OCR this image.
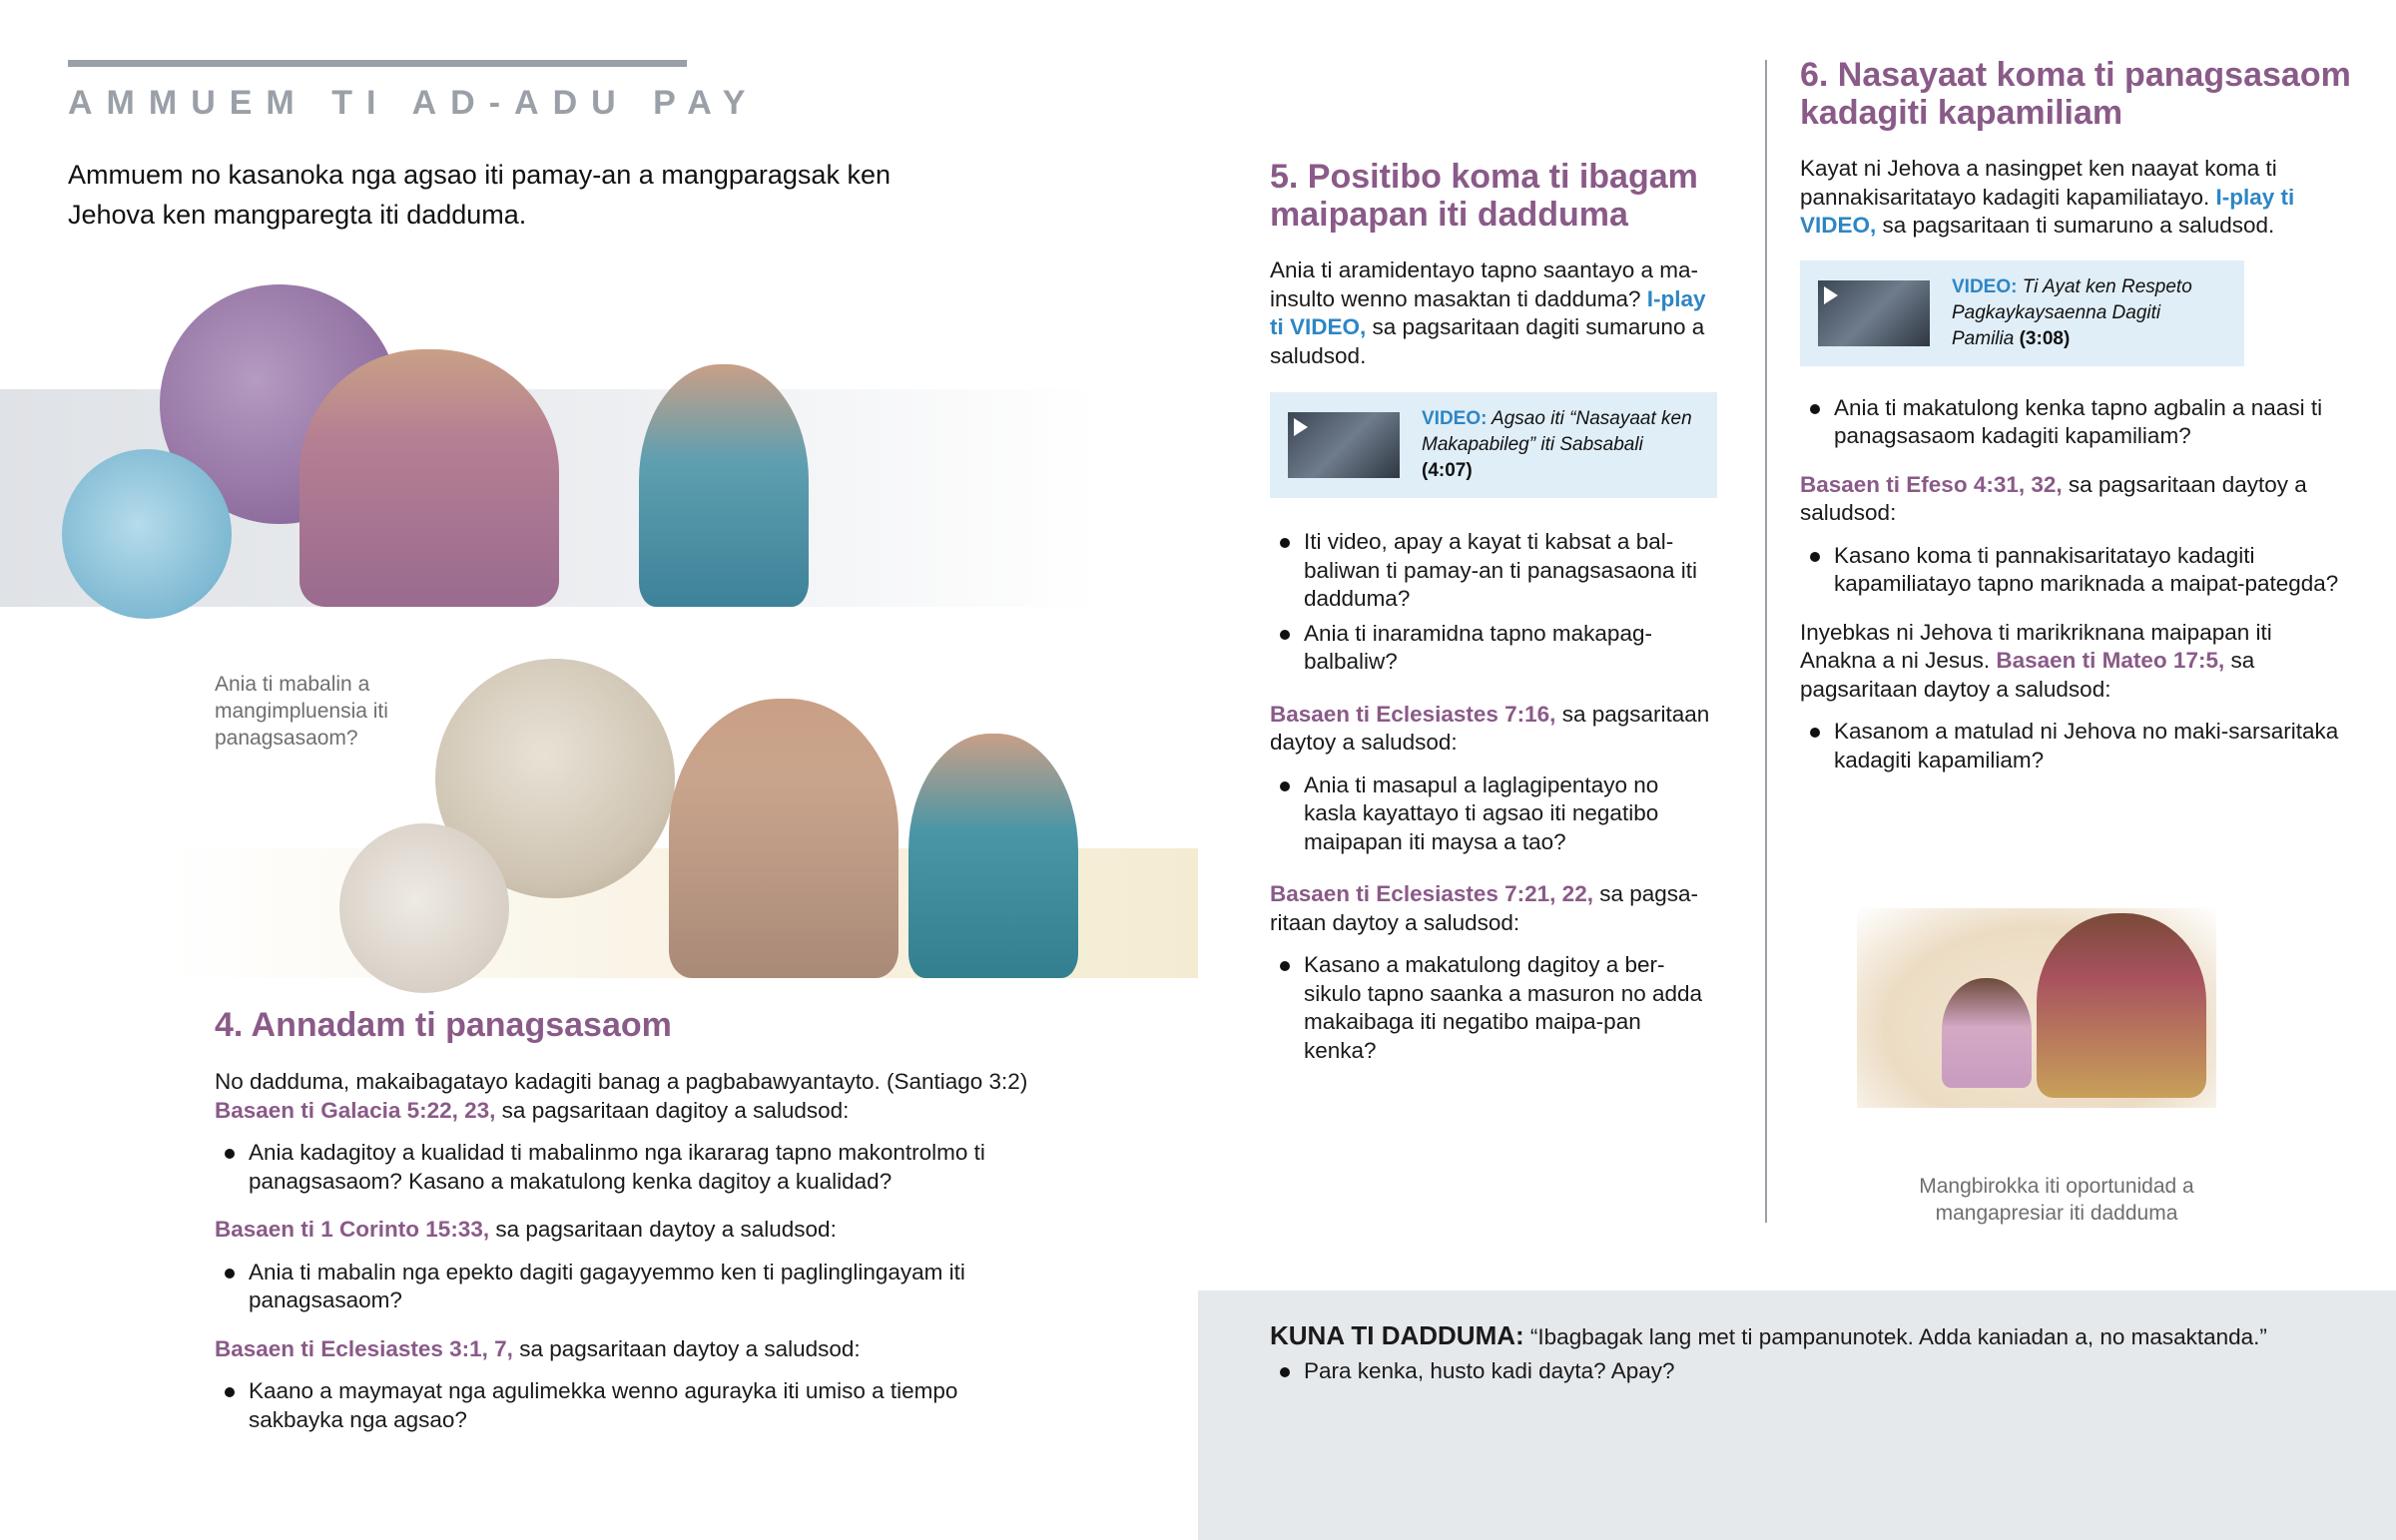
AMMUEM TI AD-ADU PAY
Ammuem no kasanoka nga agsao iti pamay-an a mangparagsak ken Jehova ken mangparegta iti dadduma.
Ania ti mabalin a mangimpluensia iti panagsasaom?
4. Annadam ti panagsasaom

No dadduma, makaibagatayo kadagiti banag a pagbabawyantayto. (Santiago 3:2) Basaen ti Galacia 5:22, 23, sa pagsaritaan dagitoy a saludsod:

Ania kadagitoy a kualidad ti mabalinmo nga ikararag tapno makontrolmo ti panagsasaom? Kasano a makatulong kenka dagitoy a kualidad?

Basaen ti 1 Corinto 15:33, sa pagsaritaan daytoy a saludsod:

Ania ti mabalin nga epekto dagiti gagayyemmo ken ti paglinglingayam iti panagsasaom?

Basaen ti Eclesiastes 3:1, 7, sa pagsaritaan daytoy a saludsod:

Kaano a maymayat nga agulimekka wenno agurayka iti umiso a tiempo sakbayka nga agsao?
5. Positibo koma ti ibagam maipapan iti dadduma

Ania ti aramidentayo tapno saantayo a ma-insulto wenno masaktan ti dadduma? I-play ti VIDEO, sa pagsaritaan dagiti sumaruno a saludsod.

VIDEO: Agsao iti “Nasayaat ken Makapabileg” iti Sabsabali
(4:07)
Iti video, apay a kayat ti kabsat a bal-baliwan ti pamay-an ti panagsasaona iti dadduma?
Ania ti inaramidna tapno makapag-balbaliw?

Basaen ti Eclesiastes 7:16, sa pagsaritaan daytoy a saludsod:

Ania ti masapul a laglagipentayo no kasla kayattayo ti agsao iti negatibo maipapan iti maysa a tao?

Basaen ti Eclesiastes 7:21, 22, sa pagsa-ritaan daytoy a saludsod:

Kasano a makatulong dagitoy a ber-sikulo tapno saanka a masuron no adda makaibaga iti negatibo maipa-pan kenka?
6. Nasayaat koma ti panagsasaom kadagiti kapamiliam

Kayat ni Jehova a nasingpet ken naayat koma ti pannakisaritatayo kadagiti kapamiliatayo. I-play ti VIDEO, sa pagsaritaan ti sumaruno a saludsod.

VIDEO: Ti Ayat ken Respeto Pagkaykaysaenna Dagiti Pamilia (3:08)
Ania ti makatulong kenka tapno agbalin a naasi ti panagsasaom kadagiti kapamiliam?

Basaen ti Efeso 4:31, 32, sa pagsaritaan daytoy a saludsod:

Kasano koma ti pannakisaritatayo kadagiti kapamiliatayo tapno mariknada a maipat-pategda?

Inyebkas ni Jehova ti marikriknana maipapan iti Anakna a ni Jesus. Basaen ti Mateo 17:5, sa pagsaritaan daytoy a saludsod:

Kasanom a matulad ni Jehova no maki-sarsaritaka kadagiti kapamiliam?
Mangbirokka iti oportunidad a mangapresiar iti dadduma

KUNA TI DADDUMA: “Ibagbagak lang met ti pampanunotek. Adda kaniadan a, no masaktanda.”

Para kenka, husto kadi dayta? Apay?
